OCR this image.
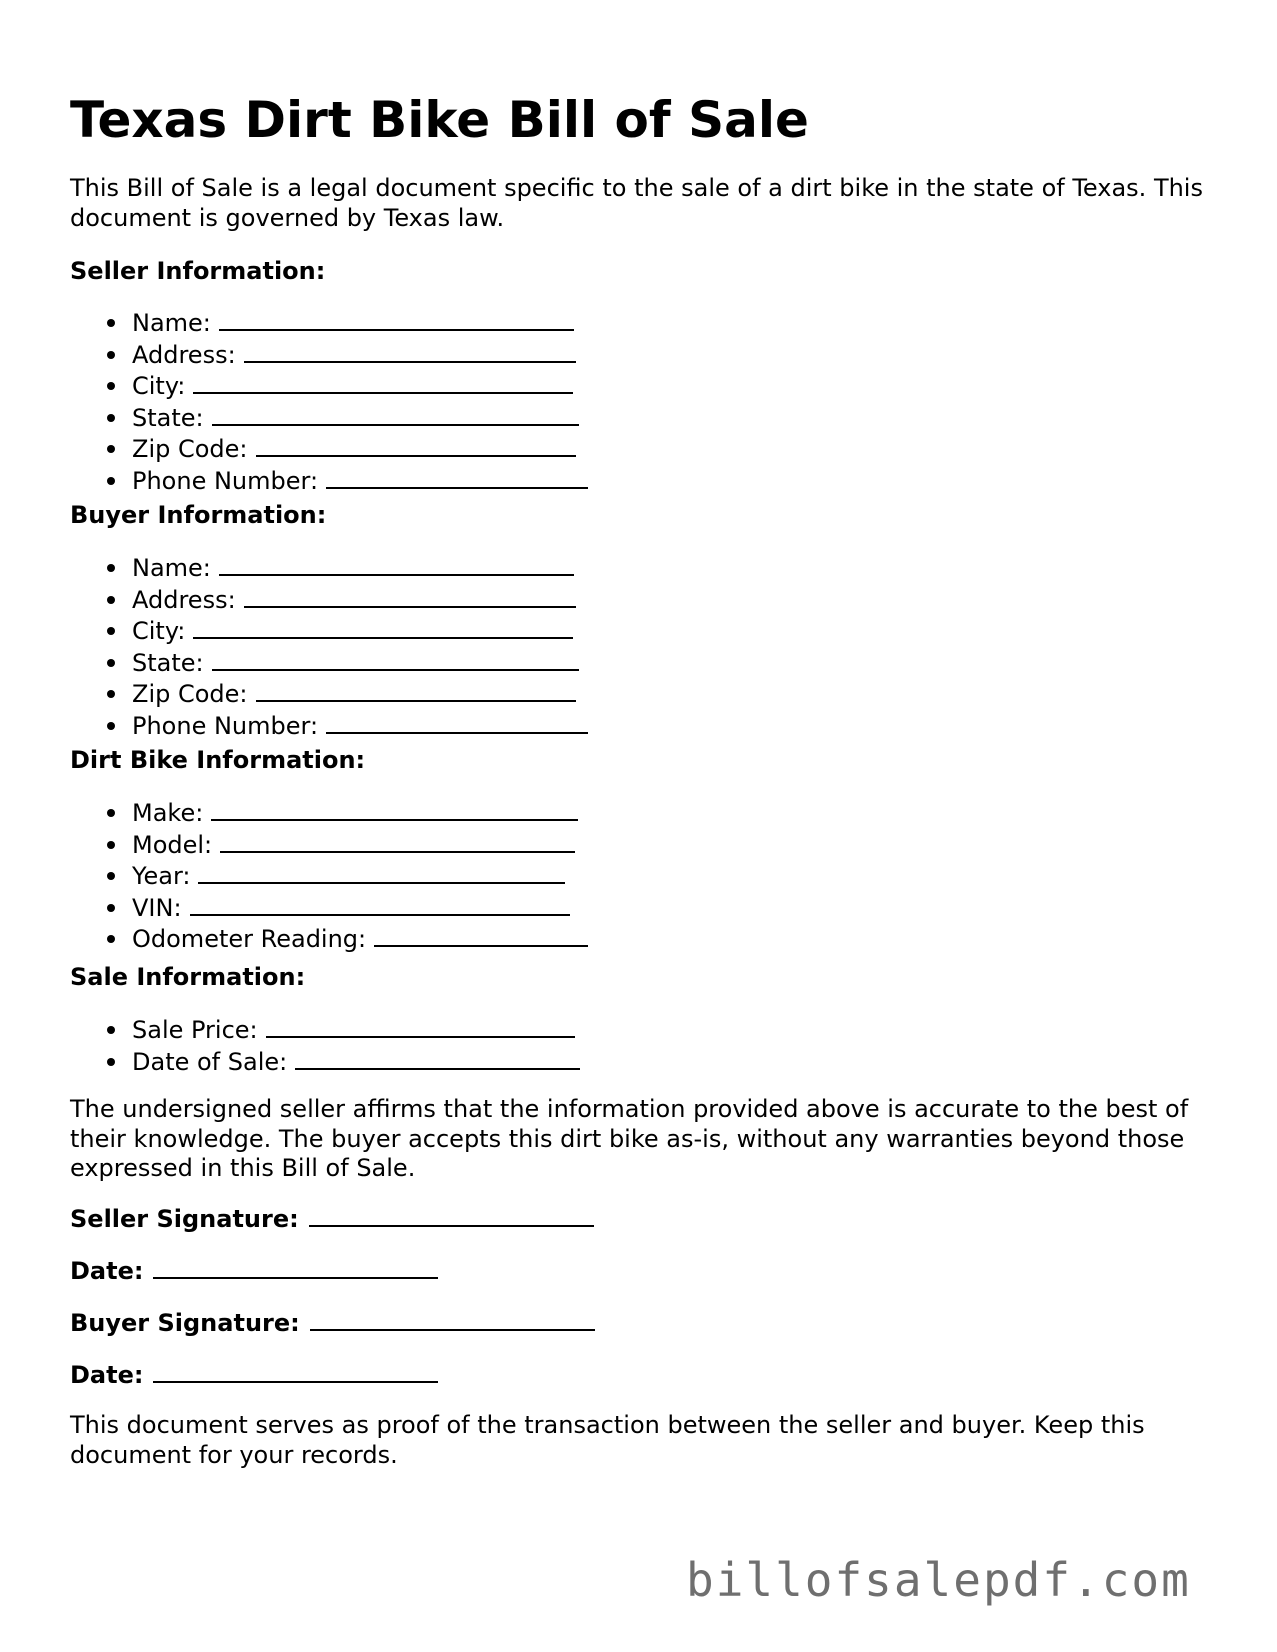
Texas Dirt Bike Bill of Sale

This Bill of Sale is a legal document specific to the sale of a dirt bike in the state of Texas. This document is governed by Texas law.

Seller Information:

Name:
Address:
City:
State:
Zip Code:
Phone Number:

Buyer Information:

Name:
Address:
City:
State:
Zip Code:
Phone Number:

Dirt Bike Information:

Make:
Model:
Year:
VIN:
Odometer Reading:

Sale Information:

Sale Price:
Date of Sale:

The undersigned seller affirms that the information provided above is accurate to the best of their knowledge. The buyer accepts this dirt bike as-is, without any warranties beyond those expressed in this Bill of Sale.

Seller Signature:

Date:

Buyer Signature:

Date:

This document serves as proof of the transaction between the seller and buyer. Keep this document for your records.

billofsalepdf.com
